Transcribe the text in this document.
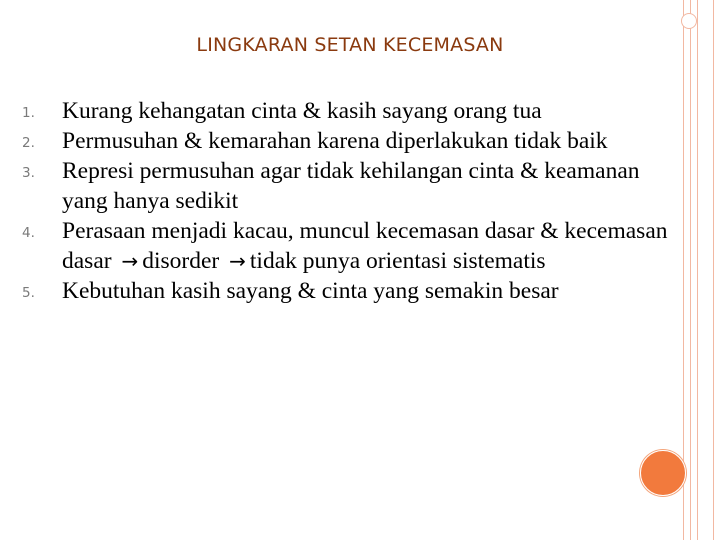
LINGKARAN SETAN KECEMASAN
1. Kurang kehangatan cinta & kasih sayang orang tua
2. Permusuhan & kemarahan karena diperlakukan tidak baik
3. Represi permusuhan agar tidak kehilangan cinta & keamanan yang hanya sedikit
4. Perasaan menjadi kacau, muncul kecemasan dasar & kecemasan dasar → disorder → tidak punya orientasi sistematis
5. Kebutuhan kasih sayang & cinta yang semakin besar
